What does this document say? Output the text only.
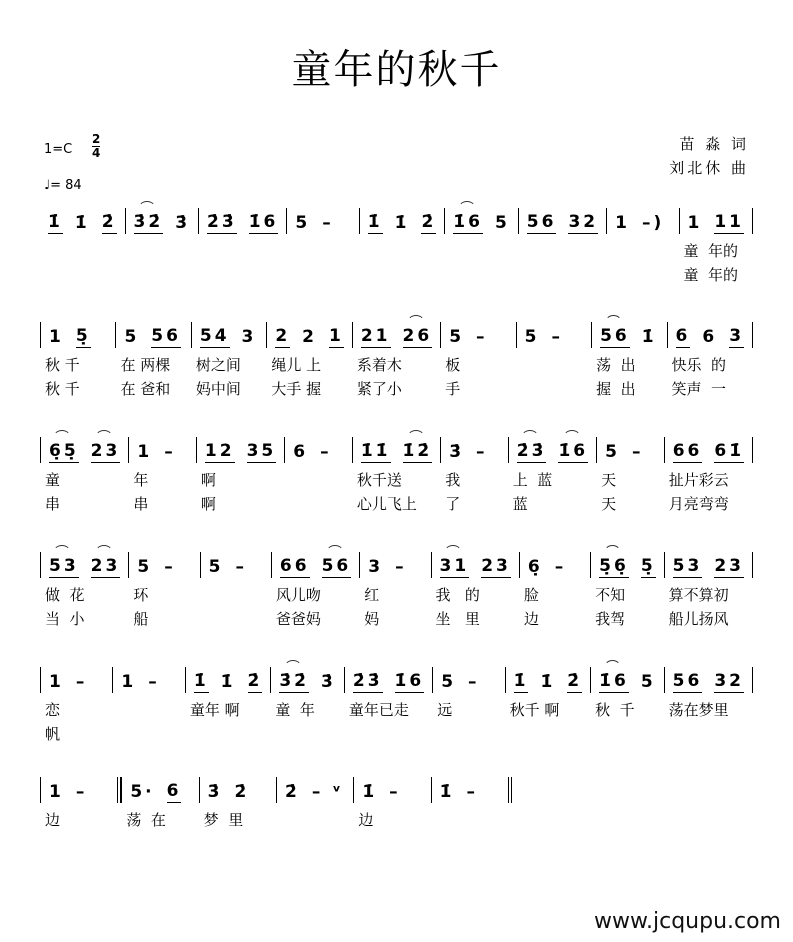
童年的秋千
$1=C \frac{2}{4}$
♩= 84
苗 淼 词
刘北休 曲
1̇ 1̇ 2̇ 3̇2̇ 3̇ 2̇3̇ 1̇6 5 – 1̇ 1̇ 2̇ 1̇6 5 56 32 1 –) 1 11
童  年的
童  年的
1 5̣
秋 千
秋 千
5 56
在 两棵
在 爸和
54 3
树之间
妈中间
2 2 1
绳儿 上
大手 握
21 26
系着木
紧了小
5 –
板
手
5 – 56 1̇
荡  出
握  出
6 6 3
快乐  的
笑声  一
6̣5̣ 23
童
串
1 –
年
串
12 35
啊
啊
6 – 1̇1̇ 1̇2̇
秋千送
心儿飞上
3̇ –
我
了
2̇3̇ 1̇6
上  蓝
蓝
5 –
天
天
66 61̇
扯片彩云
月亮弯弯
53 23
做  花
当  小
5 –
环
船
5 – 66 56
风儿吻
爸爸妈
3 –
红
妈
31 23
我   的
坐   里
6̣ –
脸
边
5̣6̣ 5̣
不知
我驾
53 23
算不算初
船儿扬风
1 –
恋
帆
1 – 1̇ 1̇ 2̇
童年 啊
3̇2̇ 3̇
童  年
2̇3̇ 1̇6
童年已走
5 –
远
1̇ 1̇ 2̇
秋千 啊
1̇6 5
秋  千
56 32
荡在梦里
1 –
边
5· 6
荡  在
3̇ 2̇
梦  里
2̇ – ᵛ 1̇ –
边
1̇ –
www.jcqupu.com
